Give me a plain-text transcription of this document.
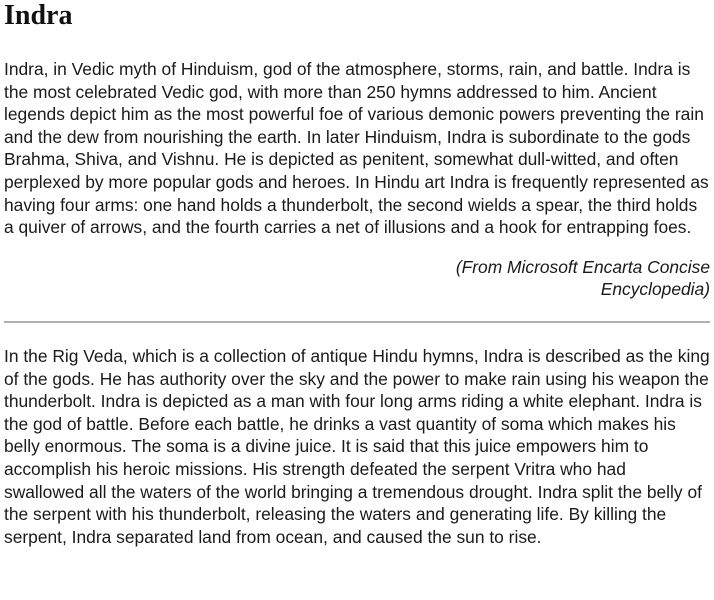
Indra

Indra, in Vedic myth of Hinduism, god of the atmosphere, storms, rain, and battle. Indra is the most celebrated Vedic god, with more than 250 hymns addressed to him. Ancient legends depict him as the most powerful foe of various demonic powers preventing the rain and the dew from nourishing the earth. In later Hinduism, Indra is subordinate to the gods Brahma, Shiva, and Vishnu. He is depicted as penitent, somewhat dull-witted, and often perplexed by more popular gods and heroes. In Hindu art Indra is frequently represented as having four arms: one hand holds a thunderbolt, the second wields a spear, the third holds a quiver of arrows, and the fourth carries a net of illusions and a hook for entrapping foes.

(From Microsoft Encarta Concise
Encyclopedia)

In the Rig Veda, which is a collection of antique Hindu hymns, Indra is described as the king of the gods. He has authority over the sky and the power to make rain using his weapon the thunderbolt. Indra is depicted as a man with four long arms riding a white elephant. Indra is the god of battle. Before each battle, he drinks a vast quantity of soma which makes his belly enormous. The soma is a divine juice. It is said that this juice empowers him to accomplish his heroic missions. His strength defeated the serpent Vritra who had swallowed all the waters of the world bringing a tremendous drought. Indra split the belly of the serpent with his thunderbolt, releasing the waters and generating life. By killing the serpent, Indra separated land from ocean, and caused the sun to rise.
